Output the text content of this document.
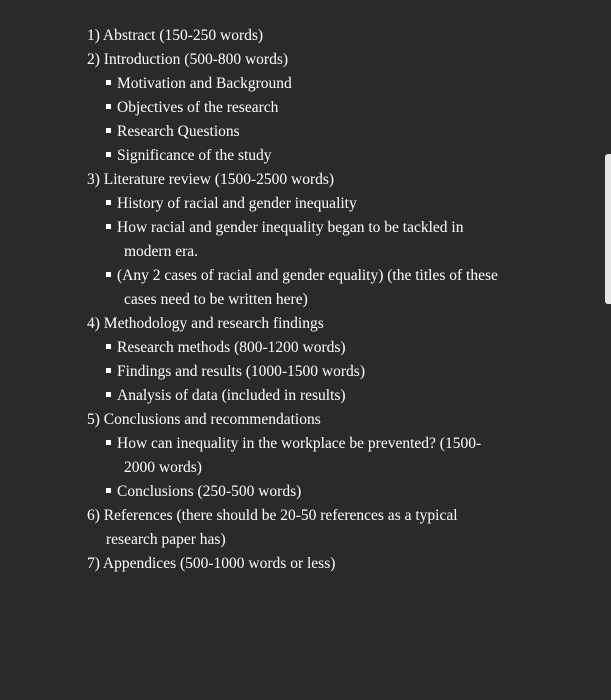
1) Abstract (150-250 words)
2) Introduction (500-800 words)
Motivation and Background
Objectives of the research
Research Questions
Significance of the study
3) Literature review (1500-2500 words)
History of racial and gender inequality
How racial and gender inequality began to be tackled in
modern era.
(Any 2 cases of racial and gender equality) (the titles of these
cases need to be written here)
4) Methodology and research findings
Research methods (800-1200 words)
Findings and results (1000-1500 words)
Analysis of data (included in results)
5) Conclusions and recommendations
How can inequality in the workplace be prevented? (1500-
2000 words)
Conclusions (250-500 words)
6) References (there should be 20-50 references as a typical
research paper has)
7) Appendices (500-1000 words or less)
